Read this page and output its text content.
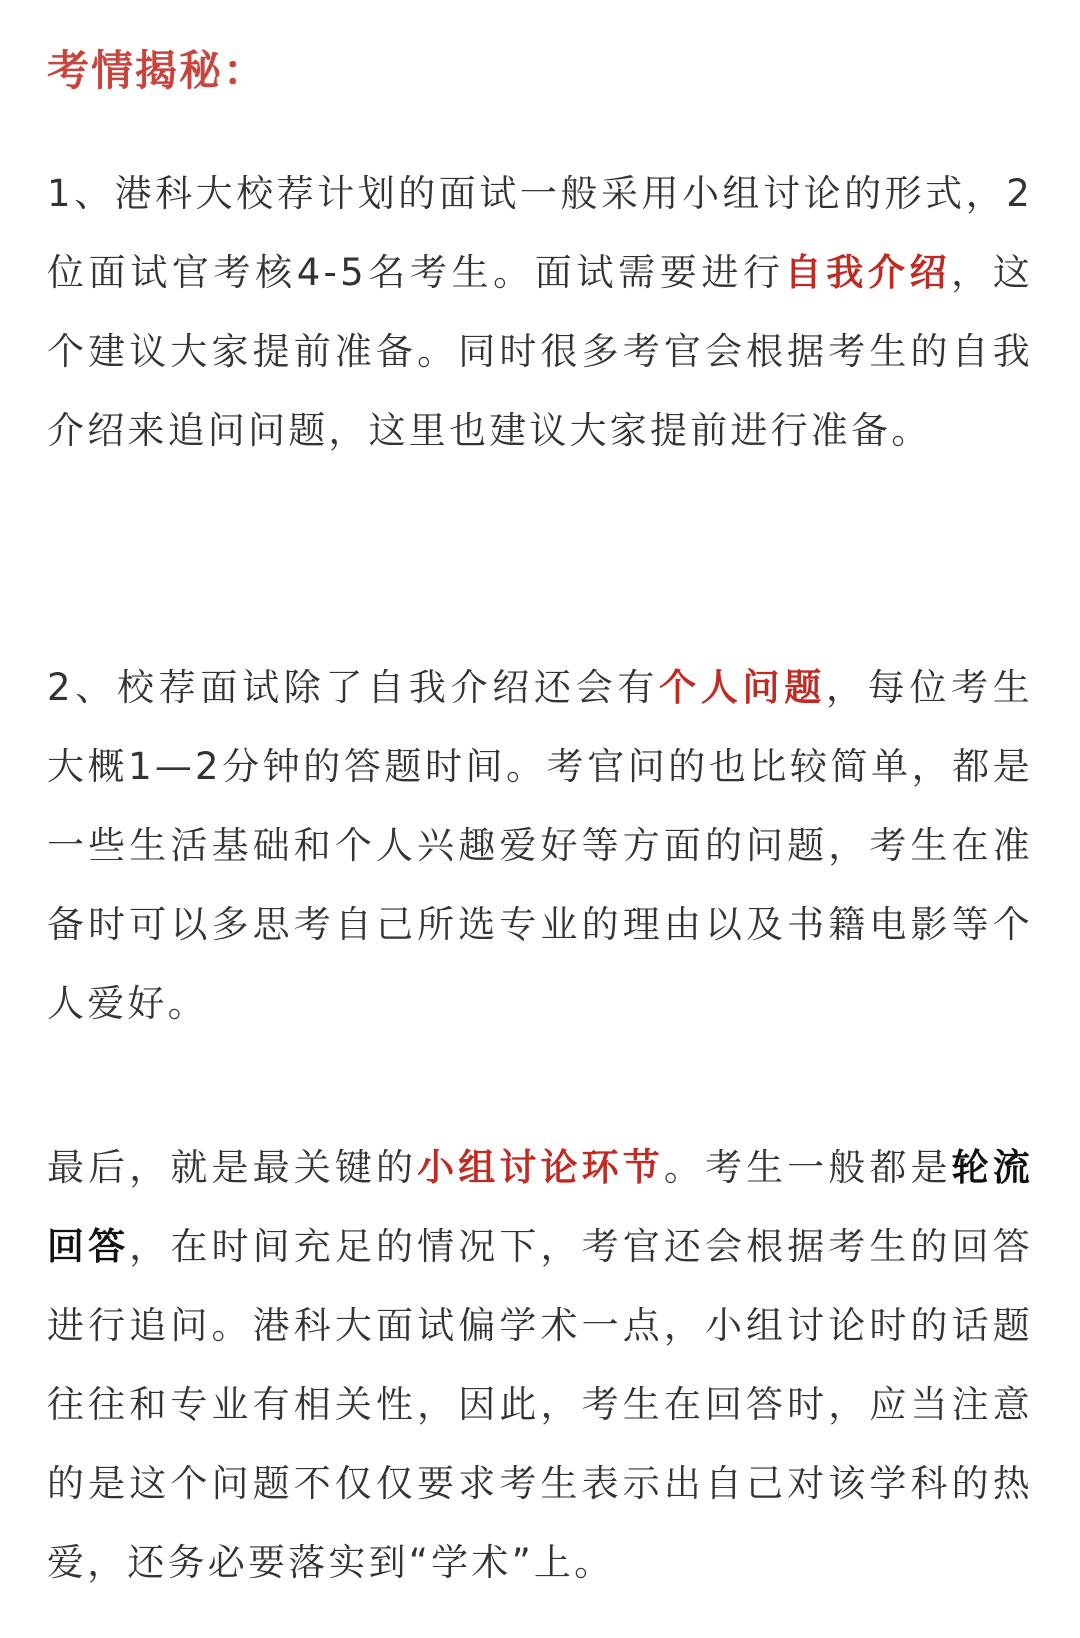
考情揭秘：

1、港科大校荐计划的面试一般采用小组讨论的形式，2位面试官考核4-5名考生。面试需要进行自我介绍，这个建议大家提前准备。同时很多考官会根据考生的自我介绍来追问问题，这里也建议大家提前进行准备。

2、校荐面试除了自我介绍还会有个人问题，每位考生大概1—2分钟的答题时间。考官问的也比较简单，都是一些生活基础和个人兴趣爱好等方面的问题，考生在准备时可以多思考自己所选专业的理由以及书籍电影等个人爱好。

最后，就是最关键的小组讨论环节。考生一般都是轮流回答，在时间充足的情况下，考官还会根据考生的回答进行追问。港科大面试偏学术一点，小组讨论时的话题往往和专业有相关性，因此，考生在回答时，应当注意的是这个问题不仅仅要求考生表示出自己对该学科的热爱，还务必要落实到“学术”上。
